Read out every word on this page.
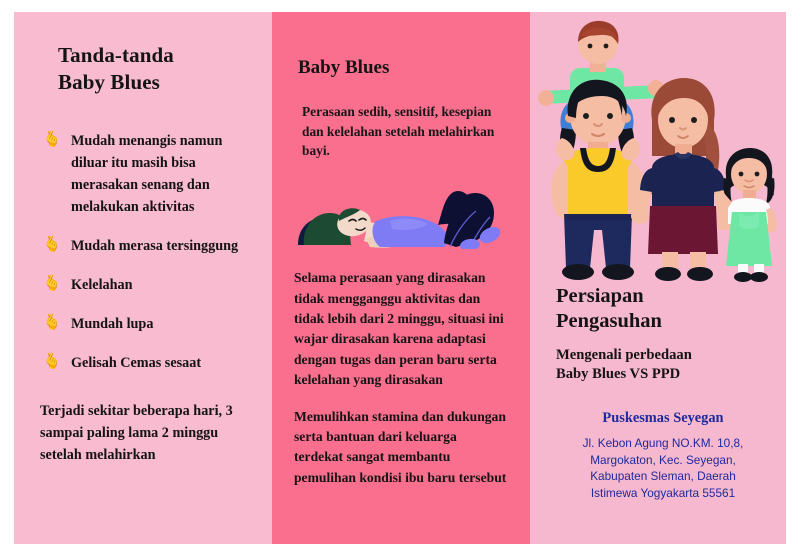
Tanda-tanda
Baby Blues
🫰 Mudah menangis namun diluar itu masih bisa merasakan senang dan melakukan aktivitas
🫰 Mudah merasa tersinggung
🫰 Kelelahan
🫰 Mundah lupa
🫰 Gelisah Cemas sesaat
Terjadi sekitar beberapa hari, 3 sampai paling lama 2 minggu setelah melahirkan
Baby Blues
Perasaan sedih, sensitif, kesepian dan kelelahan setelah melahirkan bayi.
Selama perasaan yang dirasakan tidak mengganggu aktivitas dan tidak lebih dari 2 minggu, situasi ini wajar dirasakan karena adaptasi dengan tugas dan peran baru serta kelelahan yang dirasakan
Memulihkan stamina dan dukungan serta bantuan dari keluarga terdekat sangat membantu pemulihan kondisi ibu baru tersebut
Persiapan
Pengasuhan
Mengenali perbedaan
Baby Blues VS PPD
Puskesmas Seyegan
Jl. Kebon Agung NO.KM. 10,8,
Margokaton, Kec. Seyegan,
Kabupaten Sleman, Daerah
Istimewa Yogyakarta 55561
